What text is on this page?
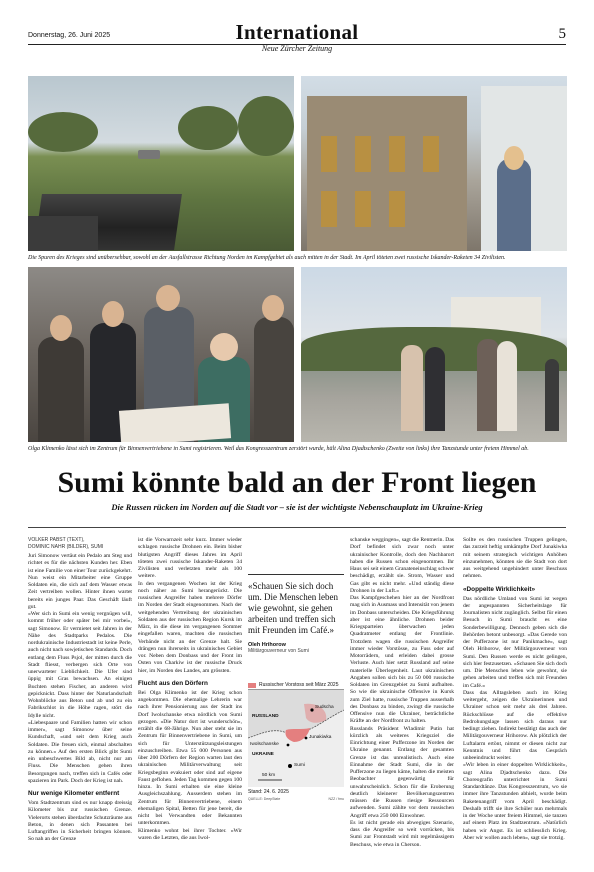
Donnerstag, 26. Juni 2025	International
Neue Zürcher Zeitung
5
Die Spuren des Krieges sind unübersehbar, sowohl an der Ausfallstrasse Richtung Norden im Kampfgebiet als auch mitten in der Stadt. Im April töteten zwei russische Iskander-Raketen 34 Zivilisten.
Olga Klimenko lässt sich im Zentrum für Binnenvertriebene in Sumi registrieren. Weil das Kongresszentrum zerstört wurde, hält Alina Djadtschenko (Zweite von links) ihre Tanzstunde unter freiem Himmel ab.
Sumi könnte bald an der Front liegen
Die Russen rücken im Norden auf die Stadt vor – sie ist der wichtigste Nebenschauplatz im Ukraine-Krieg
VOLKER PABST (TEXT),
DOMINIC NAHR (BILDER), SUMI

Juri Simonow vertäut ein Pedalo am Steg und richtet es für die nächsten Kunden her. Eben ist eine Familie von einer Tour zurückgekehrt. Nun weist ein Mitarbeiter eine Gruppe Soldaten ein, die sich auf dem Wasser etwas Zeit vertreiben wollen. Hinter ihnen wartet bereits ein junges Paar. Das Geschäft läuft gut.

«Wer sich in Sumi ein wenig vergnügen will, kommt früher oder später bei mir vorbei», sagt Simonow. Er vermietet seit Jahren in der Nähe des Stadtparks Pedalos. Die nordukrainische Industriestadt ist keine Perle, auch nicht nach sowjetischen Standards. Doch entlang dem Fluss Psjol, der mitten durch die Stadt fliesst, verbergen sich Orte von unerwarteter Lieblichkeit. Die Ufer sind üppig mit Gras bewachsen. An einigen Buchten stehen Fischer, an anderen wird gepicknickt. Dass hinter der Naturlandschaft Wohnblöcke aus Beton und ab und zu ein Fabrikschlot in die Höhe ragen, stört die Idylle nicht.

«Liebespaare und Familien hatten wir schon immer», sagt Simonow über seine Kundschaft, «und seit dem Krieg auch Soldaten. Die freuen sich, einmal abschalten zu können.» Auf den ersten Blick gibt Sumi ein unbeschwertes Bild ab, nicht nur am Fluss. Die Menschen gehen ihren Besorgungen nach, treffen sich in Cafés oder spazieren im Park. Doch der Krieg ist nah.

Nur wenige Kilometer entfernt

Vom Stadtzentrum sind es nur knapp dreissig Kilometer bis zur russischen Grenze. Vielerorts stehen überdachte Schutzräume aus Beton, in denen sich Passanten bei Luftangriffen in Sicherheit bringen können. So nah an der Grenze

ist die Vorwarnzeit sehr kurz. Immer wieder schlagen russische Drohnen ein. Beim bisher blutigsten Angriff dieses Jahres im April töteten zwei russische Iskander-Raketen 34 Zivilisten und verletzten mehr als 100 weitere.

In den vergangenen Wochen ist der Krieg noch näher an Sumi herangerückt. Die russischen Angreifer haben mehrere Dörfer im Norden der Stadt eingenommen. Nach der weitgehenden Vertreibung der ukrainischen Soldaten aus der russischen Region Kursk im März, in die diese im vergangenen Sommer eingefallen waren, machten die russischen Verbände nicht an der Grenze halt. Sie drängen nun ihrerseits in ukrainisches Gebiet vor. Neben dem Donbass und der Front im Osten von Charkiw ist der russische Druck hier, im Norden des Landes, am grössten.

Flucht aus den Dörfern

Bei Olga Klimenko ist der Krieg schon angekommen. Die ehemalige Lehrerin war nach ihrer Pensionierung aus der Stadt ins Dorf Iwolschanske etwa nördlich von Sumi gezogen. «Die Natur dort ist wunderschön», erzählt die 68-Jährige. Nun aber steht sie im Zentrum für Binnenvertriebene in Sumi, um sich für Unterstützungsleistungen einzuschreiben. Etwa 55 000 Personen aus über 200 Dörfern der Region warten laut den ukrainischen Militärverwaltung seit Kriegsbeginn evakuiert oder sind auf eigene Faust geflohen. Jeden Tag kommen gegen 100 hinzu. In Sumi erhalten sie eine kleine Ausgleichszahlung. Ausserdem stehen im Zentrum für Binnenvertriebene, einem ehemaligen Spital, Betten für jene bereit, die nicht bei Verwandten oder Bekannten unterkommen.

Klimenko wohnt bei ihrer Tochter. «Wir waren die Letzten, die aus Iwol-

«Schauen Sie sich doch um. Die Menschen leben wie gewohnt, sie gehen arbeiten und treffen sich mit Freunden im Café.»
Oleh Hrihorow
Militärgouverneur von Sumi
Russischer Vorstoss seit März 2025
RUSSLAND
UKRAINE
Sudscha
Junakiwka
Iwolschanske
Sumi
50 km
Stand: 24. 6. 2025
QUELLE: DeepState	NZZ / fmu

schanske weggingen», sagt die Rentnerin. Das Dorf befindet sich zwar noch unter ukrainischer Kontrolle, doch den Nachbarort haben die Russen schon eingenommen. Ihr Haus sei seit einem Granateneinschlag schwer beschädigt, erzählt sie. Strom, Wasser und Gas gibt es nicht mehr. «Und ständig diese Drohnen in der Luft.»

Das Kampfgeschehen hier an der Nordfront mag sich in Ausmass und Intensität von jenem im Donbass unterscheiden. Die Kriegsführung aber ist eine ähnliche. Drohnen beider Kriegsparteien überwachen jeden Quadratmeter entlang der Frontlinie. Trotzdem wagen die russischen Angreifer immer wieder Vorstösse, zu Fuss oder auf Motorrädern, und erleiden dabei grosse Verluste. Auch hier setzt Russland auf seine materielle Überlegenheit. Laut ukrainischen Angaben sollen sich bis zu 50 000 russische Soldaten im Grenzgebiet zu Sumi aufhalten. So wie die ukrainische Offensive in Kursk zum Ziel hatte, russische Truppen ausserhalb des Donbass zu binden, zwingt die russische Offensive nun die Ukrainer, beträchtliche Kräfte an der Nordfront zu halten.

Russlands Präsident Wladimir Putin hat kürzlich als weiteres Kriegsziel die Einrichtung einer Pufferzone im Norden der Ukraine genannt. Entlang der gesamten Grenze ist das unrealistisch. Auch eine Einnahme der Stadt Sumi, die in der Pufferzone zu liegen käme, halten die meisten Beobachter gegenwärtig für unwahrscheinlich. Schon für die Eroberung deutlich kleinerer Bevölkerungszentren müssen die Russen riesige Ressourcen aufwenden. Sumi zählte vor dem russischen Angriff etwa 250 000 Einwohner.

Es ist nicht gerade ein abwegiges Szenario, dass die Angreifer so weit vorrücken, bis Sumi zur Frontstadt wird mit regelmässigem Beschuss, wie etwa in Cherson.

Sollte es den russischen Truppen gelingen, das zurzeit heftig umkämpfte Dorf Junakiwka mit seinem strategisch wichtigen Anhöhen einzunehmen, könnten sie die Stadt von dort aus weitgehend ungehindert unter Beschuss nehmen.

«Doppelte Wirklichkeit»

Das nördliche Umland von Sumi ist wegen der angespannten Sicherheitslage für Journalisten nicht zugänglich. Selbst für einen Besuch in Sumi braucht es eine Sonderbewilligung. Dennoch geben sich die Behörden betont unbesorgt. «Das Gerede von der Pufferzone ist nur Panikmache», sagt Oleh Hrihorow, der Militärgouverneur von Sumi. Den Russen werde es nicht gelingen, sich hier festzusetzen. «Schauen Sie sich doch um. Die Menschen leben wie gewohnt, sie gehen arbeiten und treffen sich mit Freunden im Café.»

Dass das Alltagsleben auch im Krieg weitergeht, zeigen die Ukrainerinnen und Ukrainer schon seit mehr als drei Jahren. Rückschlüsse auf die effektive Bedrohungslage lassen sich daraus nur bedingt ziehen. Indirekt bestätigt das auch der Militärgouverneur Hrihorow. Als plötzlich der Luftalarm ertönt, nimmt er diesen nicht zur Kenntnis und führt das Gespräch unbeeindruckt weiter.

«Wir leben in einer doppelten Wirklichkeit», sagt Alina Djadtschenko dazu. Die Choreografin unterrichtet in Sumi Standardtänze. Das Kongresszentrum, wo sie immer ihre Tanzstunden abhielt, wurde beim Raketenangriff vom April beschädigt. Deshalb trifft sie ihre Schüler nun mehrmals in der Woche unter freiem Himmel, sie tanzen auf einem Platz im Stadtzentrum. «Natürlich haben wir Angst. Es ist schliesslich Krieg. Aber wir wollen auch leben», sagt sie trotzig.
